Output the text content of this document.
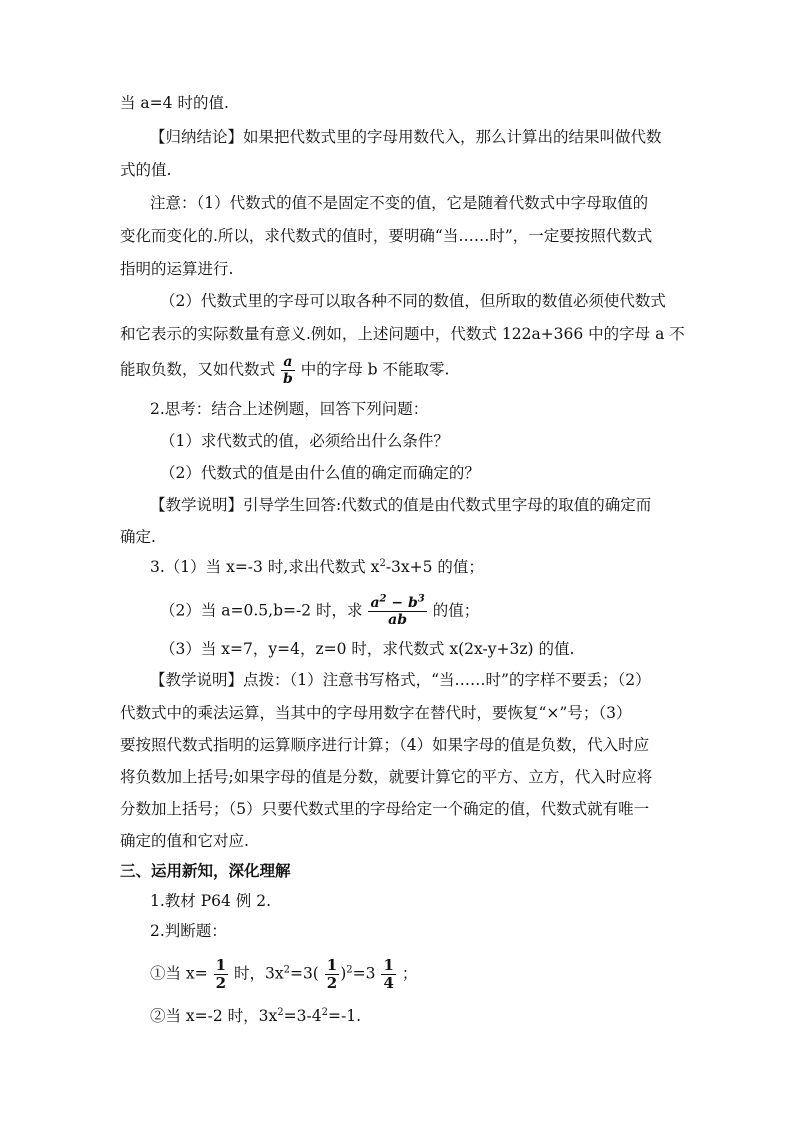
当 a=4 时的值.
【归纳结论】如果把代数式里的字母用数代入，那么计算出的结果叫做代数
式的值.
注意：（1）代数式的值不是固定不变的值，它是随着代数式中字母取值的
变化而变化的.所以，求代数式的值时，要明确“当……时”，一定要按照代数式
指明的运算进行.
（2）代数式里的字母可以取各种不同的数值，但所取的数值必须使代数式
和它表示的实际数量有意义.例如，上述问题中，代数式 122a+366 中的字母 a 不
能取负数，又如代数式 $\frac{a}{b}$ 中的字母 b 不能取零.
2.思考：结合上述例题，回答下列问题：
（1）求代数式的值，必须给出什么条件？
（2）代数式的值是由什么值的确定而确定的？
【教学说明】引导学生回答:代数式的值是由代数式里字母的取值的确定而
确定.
3.（1）当 x=-3 时,求出代数式 $x^2-3x+5$ 的值；
（2）当 a=0.5,b=-2 时，求 $\frac{a^2 - b^3}{ab}$ 的值；
（3）当 x=7，y=4，z=0 时，求代数式 x(2x-y+3z) 的值.
【教学说明】点拨：（1）注意书写格式，“当……时”的字样不要丢；（2）
代数式中的乘法运算，当其中的字母用数字在替代时，要恢复“×”号；（3）
要按照代数式指明的运算顺序进行计算；（4）如果字母的值是负数，代入时应
将负数加上括号;如果字母的值是分数，就要计算它的平方、立方，代入时应将
分数加上括号；（5）只要代数式里的字母给定一个确定的值，代数式就有唯一
确定的值和它对应.
三、运用新知，深化理解
1.教材 P64 例 2.
2.判断题：
①当 $x= \frac{1}{2}$ 时，$3x^2=3( \frac{1}{2} )^2=3 \frac{1}{4}$ ；
②当 x=-2 时，$3x^2=3-4^2=-1$.
